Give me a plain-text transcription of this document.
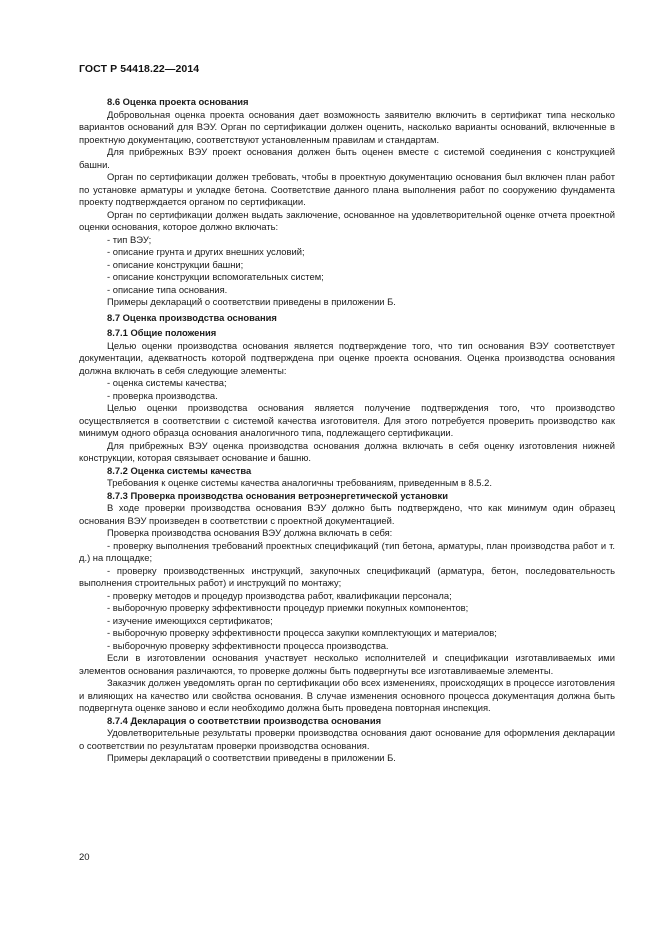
ГОСТ Р 54418.22—2014

8.6 Оценка проекта основания

Добровольная оценка проекта основания дает возможность заявителю включить в сертификат типа несколько вариантов оснований для ВЭУ. Орган по сертификации должен оценить, насколько варианты оснований, включенные в проектную документацию, соответствуют установленным правилам и стандартам.

Для прибрежных ВЭУ проект основания должен быть оценен вместе с системой соединения с конструкцией башни.

Орган по сертификации должен требовать, чтобы в проектную документацию основания был включен план работ по установке арматуры и укладке бетона. Соответствие данного плана выполнения работ по сооружению фундамента проекту подтверждается органом по сертификации.

Орган по сертификации должен выдать заключение, основанное на удовлетворительной оценке отчета проектной оценки основания, которое должно включать:

- тип ВЭУ;

- описание грунта и других внешних условий;

- описание конструкции башни;

- описание конструкции вспомогательных систем;

- описание типа основания.

Примеры деклараций о соответствии приведены в приложении Б.

8.7 Оценка производства основания

8.7.1 Общие положения

Целью оценки производства основания является подтверждение того, что тип основания ВЭУ соответствует документации, адекватность которой подтверждена при оценке проекта основания. Оценка производства основания должна включать в себя следующие элементы:

- оценка системы качества;

- проверка производства.

Целью оценки производства основания является получение подтверждения того, что производство осуществляется в соответствии с системой качества изготовителя. Для этого потребуется проверить производство как минимум одного образца основания аналогичного типа, подлежащего сертификации.

Для прибрежных ВЭУ оценка производства основания должна включать в себя оценку изготовления нижней конструкции, которая связывает основание и башню.

8.7.2 Оценка системы качества

Требования к оценке системы качества аналогичны требованиям, приведенным в 8.5.2.

8.7.3 Проверка производства основания ветроэнергетической установки

В ходе проверки производства основания ВЭУ должно быть подтверждено, что как минимум один образец основания ВЭУ произведен в соответствии с проектной документацией.

Проверка производства основания ВЭУ должна включать в себя:

- проверку выполнения требований проектных спецификаций (тип бетона, арматуры, план производства работ и т. д.) на площадке;

- проверку производственных инструкций, закупочных спецификаций (арматура, бетон, последовательность выполнения строительных работ) и инструкций по монтажу;

- проверку методов и процедур производства работ, квалификации персонала;

- выборочную проверку эффективности процедур приемки покупных компонентов;

- изучение имеющихся сертификатов;

- выборочную проверку эффективности процесса закупки комплектующих и материалов;

- выборочную проверку эффективности процесса производства.

Если в изготовлении основания участвует несколько исполнителей и спецификации изготавливаемых ими элементов основания различаются, то проверке должны быть подвергнуты все изготавливаемые элементы.

Заказчик должен уведомлять орган по сертификации обо всех изменениях, происходящих в процессе изготовления и влияющих на качество или свойства основания. В случае изменения основного процесса документация должна быть подвергнута оценке заново и если необходимо должна быть проведена повторная инспекция.

8.7.4 Декларация о соответствии производства основания

Удовлетворительные результаты проверки производства основания дают основание для оформления декларации о соответствии по результатам проверки производства основания.

Примеры деклараций о соответствии приведены в приложении Б.

20
